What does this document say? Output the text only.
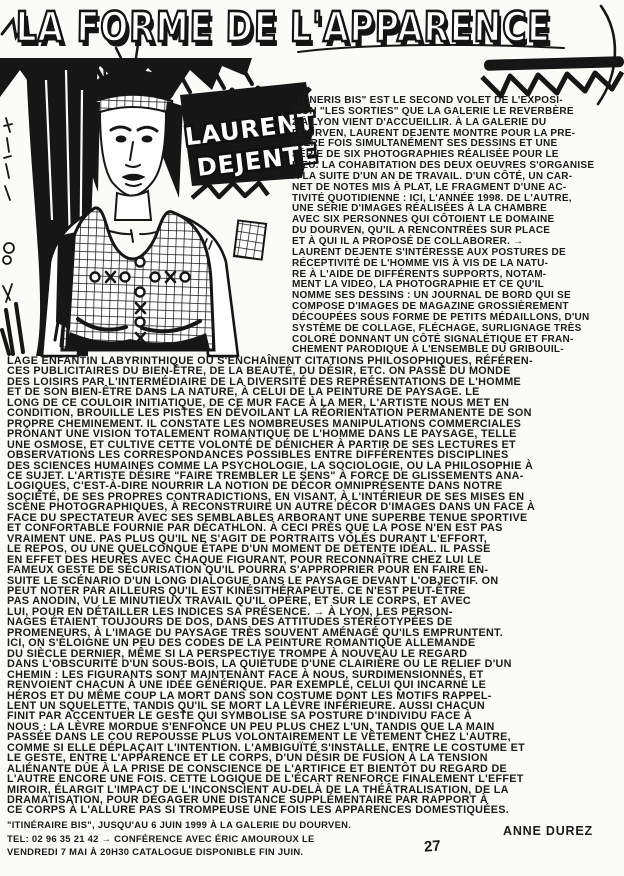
LAURENT
DEJENTE
LA FORME DE L'APPARENCE
"ITINERIS BIS" EST LE SECOND VOLET DE L'EXPOSI-
TION "LES SORTIES" QUE LA GALERIE LE REVERBÈRE
2 À LYON VIENT D'ACCUEILLIR. À LA GALERIE DU
DOURVEN, LAURENT DEJENTE MONTRE POUR LA PRE-
MIÈRE FOIS SIMULTANÉMENT SES DESSINS ET UNE
SÉRIE DE SIX PHOTOGRAPHIES RÉALISÉE POUR LE
LIEU. LA COHABITATION DES DEUX OEUVRES S'ORGANISE
À LA SUITE D'UN AN DE TRAVAIL. D'UN CÔTÉ, UN CAR-
NET DE NOTES MIS À PLAT, LE FRAGMENT D'UNE AC-
TIVITÉ QUOTIDIENNE : ICI, L'ANNÉE 1998. DE L'AUTRE,
UNE SÉRIE D'IMAGES RÉALISÉES À LA CHAMBRE
AVEC SIX PERSONNES QUI CÔTOIENT LE DOMAINE
DU DOURVEN, QU'IL A RENCONTRÉES SUR PLACE
ET À QUI IL A PROPOSÉ DE COLLABORER. →
LAURENT DEJENTE S'INTÉRESSE AUX POSTURES DE
RÉCEPTIVITÉ DE L'HOMME VIS À VIS DE LA NATU-
RE À L'AIDE DE DIFFÉRENTS SUPPORTS, NOTAM-
MENT LA VIDEO, LA PHOTOGRAPHIE ET CE QU'IL
NOMME SES DESSINS : UN JOURNAL DE BORD QUI SE
COMPOSE D'IMAGES DE MAGAZINE GROSSIÈREMENT
DÉCOUPÉES SOUS FORME DE PETITS MÉDAILLONS, D'UN
SYSTÈME DE COLLAGE, FLÉCHAGE, SURLIGNAGE TRÈS
COLORÉ DONNANT UN CÔTÉ SIGNALÉTIQUE ET FRAN-
CHEMENT PARODIQUE À L'ENSEMBLE DU GRIBOUIL-
LAGE ENFANTIN LABYRINTHIQUE OÙ S'ENCHAÎNENT CITATIONS PHILOSOPHIQUES, RÉFÉREN-
CES PUBLICITAIRES DU BIEN-ÊTRE, DE LA BEAUTÉ, DU DÉSIR, ETC. ON PASSE DU MONDE
DES LOISIRS PAR L'INTERMÉDIAIRE DE LA DIVERSITÉ DES REPRÉSENTATIONS DE L'HOMME
ET DE SON BIEN-ÊTRE DANS LA NATURE, À CELUI DE LA PEINTURE DE PAYSAGE. LE
LONG DE CE COULOIR INITIATIQUE, DE CE MUR FACE À LA MER, L'ARTISTE NOUS MET EN
CONDITION, BROUILLE LES PISTES EN DÉVOILANT LA RÉORIENTATION PERMANENTE DE SON
PROPRE CHEMINEMENT. IL CONSTATE LES NOMBREUSES MANIPULATIONS COMMERCIALES
PRÔNANT UNE VISION TOTALEMENT ROMANTIQUE DE L'HOMME DANS LE PAYSAGE, TELLE
UNE OSMOSE, ET CULTIVE CETTE VOLONTÉ DE DÉNICHER À PARTIR DE SES LECTURES ET
OBSERVATIONS LES CORRESPONDANCES POSSIBLES ENTRE DIFFÉRENTES DISCIPLINES
DES SCIENCES HUMAINES COMME LA PSYCHOLOGIE, LA SOCIOLOGIE, OU LA PHILOSOPHIE À
CE SUJET. L'ARTISTE DÉSIRE "FAIRE TREMBLER LE SENS" À FORCE DE GLISSEMENTS ANA-
LOGIQUES, C'EST-À-DIRE NOURRIR LA NOTION DE DÉCOR OMNIPRÉSENTE DANS NOTRE
SOCIÉTÉ, DE SES PROPRES CONTRADICTIONS, EN VISANT, À L'INTÉRIEUR DE SES MISES EN
SCÈNE PHOTOGRAPHIQUES, À RECONSTRUIRE UN AUTRE DÉCOR D'IMAGES DANS UN FACE À
FACE DU SPECTATEUR AVEC SES SEMBLABLES ARBORANT UNE SUPERBE TENUE SPORTIVE
ET CONFORTABLE FOURNIE PAR DÉCATHLON. À CECI PRÈS QUE LA POSE N'EN EST PAS
VRAIMENT UNE. PAS PLUS QU'IL NE S'AGIT DE PORTRAITS VOLÉS DURANT L'EFFORT,
LE REPOS, OU UNE QUELCONQUE ÉTAPE D'UN MOMENT DE DÉTENTE IDÉAL. IL PASSE
EN EFFET DES HEURES AVEC CHAQUE FIGURANT, POUR RECONNAÎTRE CHEZ LUI LE
FAMEUX GESTE DE SÉCURISATION QU'IL POURRA S'APPROPRIER POUR EN FAIRE EN-
SUITE LE SCÉNARIO D'UN LONG DIALOGUE DANS LE PAYSAGE DEVANT L'OBJECTIF. ON
PEUT NOTER PAR AILLEURS QU'IL EST KINÉSITHÉRAPEUTE. CE N'EST PEUT-ÊTRE
PAS ANODIN, VU LE MINUTIEUX TRAVAIL QU'IL OPÈRE, ET SUR LE CORPS, ET AVEC
LUI, POUR EN DÉTAILLER LES INDICES SA PRÉSENCE. → À LYON, LES PERSON-
NAGES ÉTAIENT TOUJOURS DE DOS, DANS DES ATTITUDES STÉRÉOTYPÉES DE
PROMENEURS, À L'IMAGE DU PAYSAGE TRÈS SOUVENT AMÉNAGÉ QU'ILS EMPRUNTENT.
ICI, ON S'ÉLOIGNE UN PEU DES CODES DE LA PEINTURE ROMANTIQUE ALLEMANDE
DU SIÈCLE DERNIER, MÊME SI LA PERSPECTIVE TROMPE À NOUVEAU LE REGARD
DANS L'OBSCURITÉ D'UN SOUS-BOIS, LA QUIÉTUDE D'UNE CLAIRIÈRE OU LE RELIEF D'UN
CHEMIN : LES FIGURANTS SONT MAINTENANT FACE À NOUS, SURDIMENSIONNÉS, ET
RENVOIENT CHACUN À UNE IDÉE GÉNÉRIQUE. PAR EXEMPLE, CELUI QUI INCARNE LE
HÉROS ET DU MÊME COUP LA MORT DANS SON COSTUME DONT LES MOTIFS RAPPEL-
LENT UN SQUELETTE, TANDIS QU'IL SE MORT LA LÈVRE INFÉRIEURE. AUSSI CHACUN
FINIT PAR ACCENTUER LE GESTE QUI SYMBOLISE SA POSTURE D'INDIVIDU FACE À
NOUS : LA LÈVRE MORDUE S'ENFONCE UN PEU PLUS CHEZ L'UN, TANDIS QUE LA MAIN
PASSÉE DANS LE COU REPOUSSE PLUS VOLONTAIREMENT LE VÊTEMENT CHEZ L'AUTRE,
COMME SI ELLE DÉPLAÇAIT L'INTENTION. L'AMBIGUÏTÉ S'INSTALLE, ENTRE LE COSTUME ET
LE GESTE, ENTRE L'APPARENCE ET LE CORPS, D'UN DÉSIR DE FUSION À LA TENSION
ALIÉNANTE DÛE À LA PRISE DE CONSCIENCE DE L'ARTIFICE ET BIENTÔT DU REGARD DE
L'AUTRE ENCORE UNE FOIS. CETTE LOGIQUE DE L'ÉCART RENFORCE FINALEMENT L'EFFET
MIROIR, ÉLARGIT L'IMPACT DE L'INCONSCIENT AU-DELÀ DE LA THÉÂTRALISATION, DE LA
DRAMATISATION, POUR DÉGAGER UNE DISTANCE SUPPLÉMENTAIRE PAR RAPPORT À
CE CORPS À L'ALLURE PAS SI TROMPEUSE UNE FOIS LES APPARENCES DOMESTIQUÉES.
"ITINÉRAIRE BIS", JUSQU'AU 6 JUIN 1999 À LA GALERIE DU DOURVEN.
TEL: 02 96 35 21 42 → CONFÉRENCE AVEC ÉRIC AMOUROUX LE
VENDREDI 7 MAI À 20H30 CATALOGUE DISPONIBLE FIN JUIN.
ANNE DUREZ
27
